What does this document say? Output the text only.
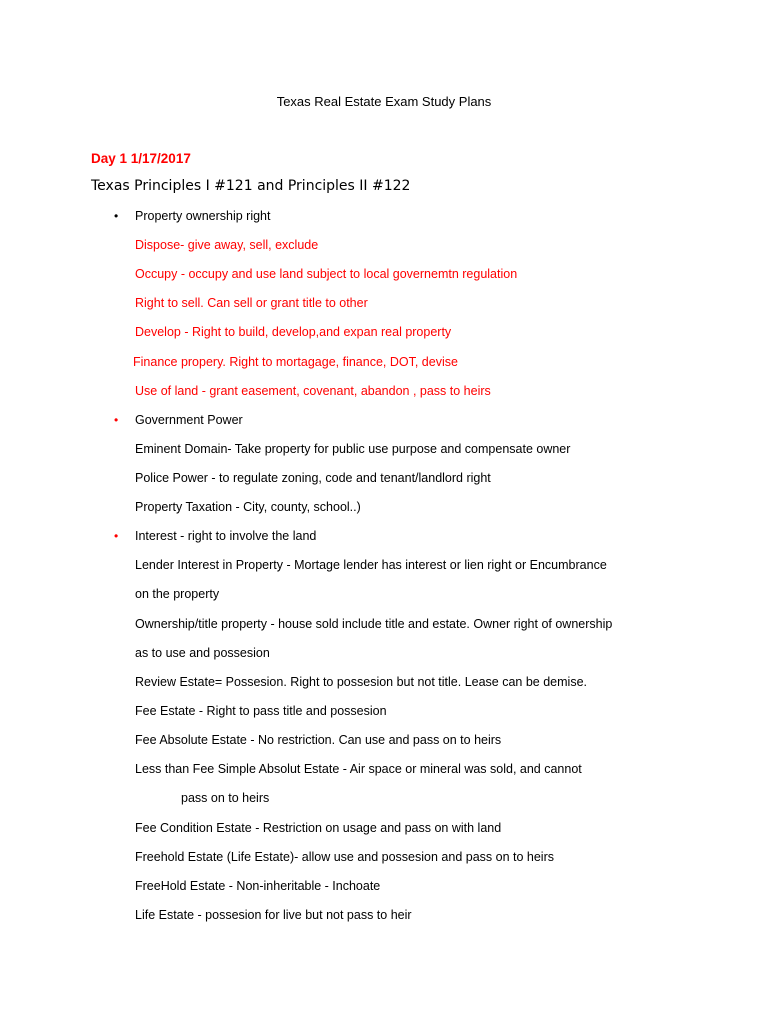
Texas Real Estate Exam Study Plans
Day 1 1/17/2017
Texas Principles I #121 and Principles II #122
• Property ownership right
Dispose- give away, sell, exclude
Occupy - occupy and use land subject to local governemtn regulation
Right to sell. Can sell or grant title to other
Develop - Right to build, develop,and expan real property
Finance propery. Right to mortagage, finance, DOT, devise
Use of land - grant easement, covenant, abandon , pass to heirs
• Government Power
Eminent Domain- Take property for public use purpose and compensate owner
Police Power - to regulate zoning, code and tenant/landlord right
Property Taxation - City, county, school..)
• Interest - right to involve the land
Lender Interest in Property - Mortage lender has interest or lien right or Encumbrance
on the property
Ownership/title property - house sold include title and estate. Owner right of ownership
as to use and possesion
Review Estate= Possesion. Right to possesion but not title. Lease can be demise.
Fee Estate - Right to pass title and possesion
Fee Absolute Estate - No restriction. Can use and pass on to heirs
Less than Fee Simple Absolut Estate - Air space or mineral was sold, and cannot
pass on to heirs
Fee Condition Estate - Restriction on usage and pass on with land
Freehold Estate (Life Estate)- allow use and possesion and pass on to heirs
FreeHold Estate - Non-inheritable - Inchoate
Life Estate - possesion for live but not pass to heir
